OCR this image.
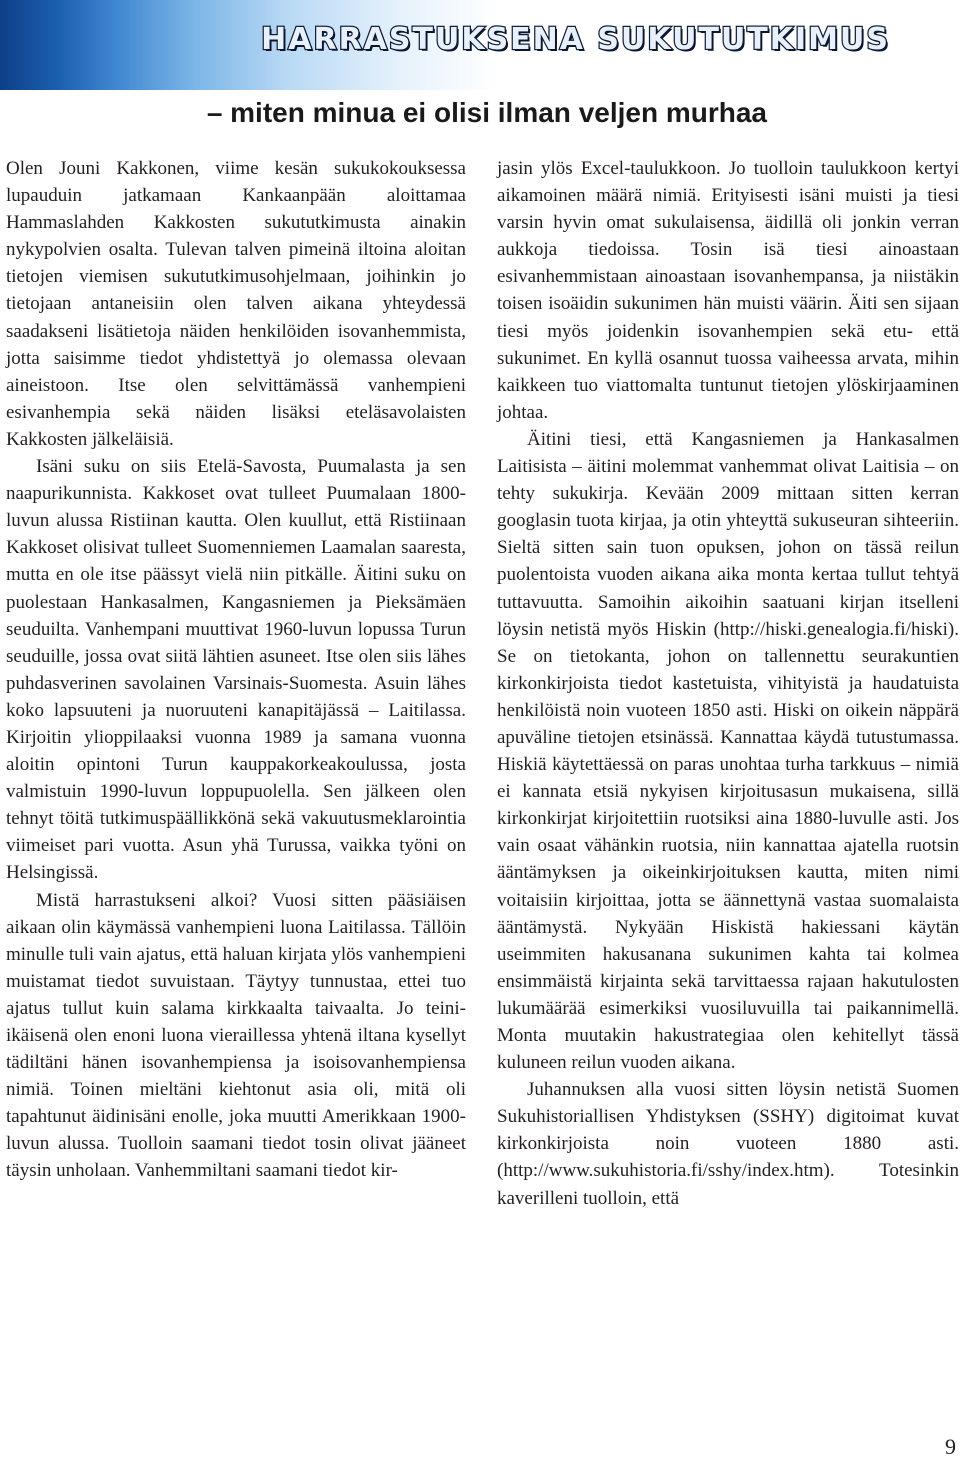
HARRASTUKSENA SUKUTUTKIMUS
– miten minua ei olisi ilman veljen murhaa

Olen Jouni Kakkonen, viime kesän sukukokouksessa lupauduin jatkamaan Kankaanpään aloittamaa Hammaslahden Kakkosten sukututkimusta ainakin nykypolvien osalta. Tulevan talven pimeinä iltoina aloitan tietojen viemisen sukututkimusohjelmaan, joihinkin jo tietojaan antaneisiin olen talven aikana yhteydessä saadakseni lisätietoja näiden henkilöiden isovanhemmista, jotta saisimme tiedot yhdistettyä jo olemassa olevaan aineistoon. Itse olen selvittämässä vanhempieni esivanhempia sekä näiden lisäksi eteläsavolaisten Kakkosten jälkeläisiä.

Isäni suku on siis Etelä-Savosta, Puumalasta ja sen naapurikunnista. Kakkoset ovat tulleet Puumalaan 1800-luvun alussa Ristiinan kautta. Olen kuullut, että Ristiinaan Kakkoset olisivat tulleet Suomenniemen Laamalan saaresta, mutta en ole itse päässyt vielä niin pitkälle. Äitini suku on puolestaan Hankasalmen, Kangasniemen ja Pieksämäen seuduilta. Vanhempani muuttivat 1960-luvun lopussa Turun seuduille, jossa ovat siitä lähtien asuneet. Itse olen siis lähes puhdasverinen savolainen Varsinais-Suomesta. Asuin lähes koko lapsuuteni ja nuoruuteni kanapitäjässä – Laitilassa. Kirjoitin ylioppilaaksi vuonna 1989 ja samana vuonna aloitin opintoni Turun kauppakorkeakoulussa, josta valmistuin 1990-luvun loppupuolella. Sen jälkeen olen tehnyt töitä tutkimuspäällikkönä sekä vakuutusmeklarointia viimeiset pari vuotta. Asun yhä Turussa, vaikka työni on Helsingissä.

Mistä harrastukseni alkoi? Vuosi sitten pääsiäisen aikaan olin käymässä vanhempieni luona Laitilassa. Tällöin minulle tuli vain ajatus, että haluan kirjata ylös vanhempieni muistamat tiedot suvuistaan. Täytyy tunnustaa, ettei tuo ajatus tullut kuin salama kirkkaalta taivaalta. Jo teini-ikäisenä olen enoni luona vieraillessa yhtenä iltana kysellyt tädiltäni hänen isovanhempiensa ja isoisovanhempiensa nimiä. Toinen mieltäni kiehtonut asia oli, mitä oli tapahtunut äidinisäni enolle, joka muutti Amerikkaan 1900-luvun alussa. Tuolloin saamani tiedot tosin olivat jääneet täysin unholaan. Vanhemmiltani saamani tiedot kir-

jasin ylös Excel-taulukkoon. Jo tuolloin taulukkoon kertyi aikamoinen määrä nimiä. Erityisesti isäni muisti ja tiesi varsin hyvin omat sukulaisensa, äidillä oli jonkin verran aukkoja tiedoissa. Tosin isä tiesi ainoastaan esivanhemmistaan ainoastaan isovanhempansa, ja niistäkin toisen isoäidin sukunimen hän muisti väärin. Äiti sen sijaan tiesi myös joidenkin isovanhempien sekä etu- että sukunimet. En kyllä osannut tuossa vaiheessa arvata, mihin kaikkeen tuo viattomalta tuntunut tietojen ylöskirjaaminen johtaa.

Äitini tiesi, että Kangasniemen ja Hankasalmen Laitisista – äitini molemmat vanhemmat olivat Laitisia – on tehty sukukirja. Kevään 2009 mittaan sitten kerran googlasin tuota kirjaa, ja otin yhteyttä sukuseuran sihteeriin. Sieltä sitten sain tuon opuksen, johon on tässä reilun puolentoista vuoden aikana aika monta kertaa tullut tehtyä tuttavuutta. Samoihin aikoihin saatuani kirjan itselleni löysin netistä myös Hiskin (http://hiski.genealogia.fi/hiski). Se on tietokanta, johon on tallennettu seurakuntien kirkonkirjoista tiedot kastetuista, vihityistä ja haudatuista henkilöistä noin vuoteen 1850 asti. Hiski on oikein näppärä apuväline tietojen etsinässä. Kannattaa käydä tutustumassa. Hiskiä käytettäessä on paras unohtaa turha tarkkuus – nimiä ei kannata etsiä nykyisen kirjoitusasun mukaisena, sillä kirkonkirjat kirjoitettiin ruotsiksi aina 1880-luvulle asti. Jos vain osaat vähänkin ruotsia, niin kannattaa ajatella ruotsin ääntämyksen ja oikeinkirjoituksen kautta, miten nimi voitaisiin kirjoittaa, jotta se äännettynä vastaa suomalaista ääntämystä. Nykyään Hiskistä hakiessani käytän useimmiten hakusanana sukunimen kahta tai kolmea ensimmäistä kirjainta sekä tarvittaessa rajaan hakutulosten lukumäärää esimerkiksi vuosiluvuilla tai paikannimellä. Monta muutakin hakustrategiaa olen kehitellyt tässä kuluneen reilun vuoden aikana.

Juhannuksen alla vuosi sitten löysin netistä Suomen Sukuhistoriallisen Yhdistyksen (SSHY) digitoimat kuvat kirkonkirjoista noin vuoteen 1880 asti. (http://www.sukuhistoria.fi/sshy/index.htm). Totesinkin kaverilleni tuolloin, että

9
